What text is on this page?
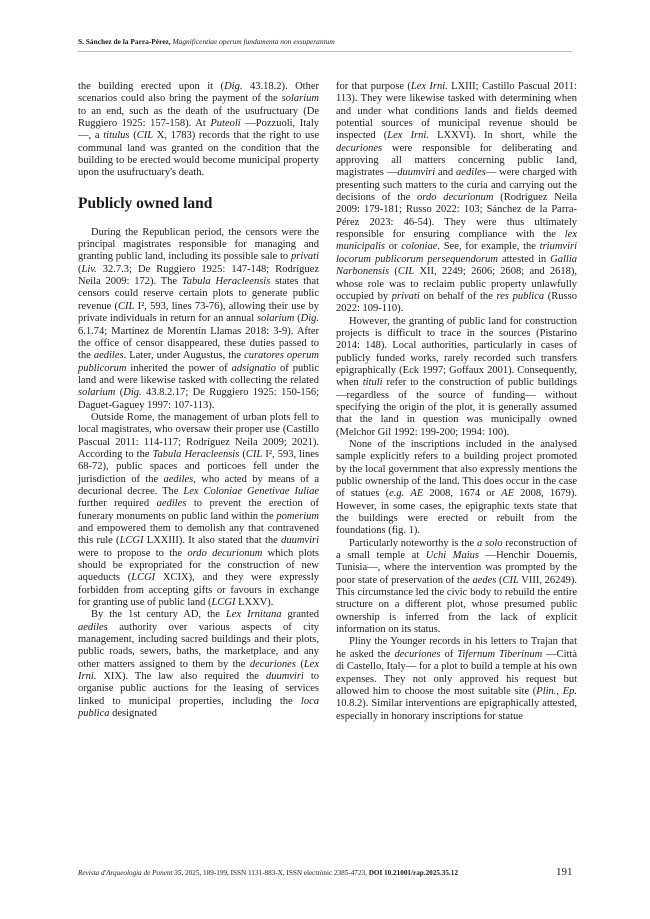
S. Sánchez de la Parra-Pérez, Magnificentiae operum fundamenta non exsuperantum

the building erected upon it (Dig. 43.18.2). Other scenarios could also bring the payment of the solarium to an end, such as the death of the usufructuary (De Ruggiero 1925: 157-158). At Puteoli —Pozzuoli, Italy—, a titulus (CIL X, 1783) records that the right to use communal land was granted on the condition that the building to be erected would become municipal property upon the usufructuary's death.

Publicly owned land

During the Republican period, the censors were the principal magistrates responsible for managing and granting public land, including its possible sale to privati (Liv. 32.7.3; De Ruggiero 1925: 147-148; Rodríguez Neila 2009: 172). The Tabula Heracleensis states that censors could reserve certain plots to generate public revenue (CIL I², 593, lines 73-76), allowing their use by private individuals in return for an annual solarium (Dig. 6.1.74; Martínez de Morentín Llamas 2018: 3-9). After the office of censor disappeared, these duties passed to the aediles. Later, under Augustus, the curatores operum publicorum inherited the power of adsignatio of public land and were likewise tasked with collecting the related solarium (Dig. 43.8.2.17; De Ruggiero 1925: 150-156; Daguet-Gaguey 1997: 107-113).

Outside Rome, the management of urban plots fell to local magistrates, who oversaw their proper use (Castillo Pascual 2011: 114-117; Rodríguez Neila 2009; 2021). According to the Tabula Heracleensis (CIL I², 593, lines 68-72), public spaces and porticoes fell under the jurisdiction of the aediles, who acted by means of a decurional decree. The Lex Coloniae Genetivae Iuliae further required aediles to prevent the erection of funerary monuments on public land within the pomerium and empowered them to demolish any that contravened this rule (LCGI LXXIII). It also stated that the duumviri were to propose to the ordo decurionum which plots should be expropriated for the construction of new aqueducts (LCGI XCIX), and they were expressly forbidden from accepting gifts or favours in exchange for granting use of public land (LCGI LXXV).

By the 1st century AD, the Lex Irnitana granted aediles authority over various aspects of city management, including sacred buildings and their plots, public roads, sewers, baths, the marketplace, and any other matters assigned to them by the decuriones (Lex Irni. XIX). The law also required the duumviri to organise public auctions for the leasing of services linked to municipal properties, including the loca publica designated

for that purpose (Lex Irni. LXIII; Castillo Pascual 2011: 113). They were likewise tasked with determining when and under what conditions lands and fields deemed potential sources of municipal revenue should be inspected (Lex Irni. LXXVI). In short, while the decuriones were responsible for deliberating and approving all matters concerning public land, magistrates —duumviri and aediles— were charged with presenting such matters to the curia and carrying out the decisions of the ordo decurionum (Rodríguez Neila 2009: 179-181; Russo 2022: 103; Sánchez de la Parra-Pérez 2023: 46-54). They were thus ultimately responsible for ensuring compliance with the lex municipalis or coloniae. See, for example, the triumviri locorum publicorum persequendorum attested in Gallia Narbonensis (CIL XII, 2249; 2606; 2608; and 2618), whose role was to reclaim public property unlawfully occupied by privati on behalf of the res publica (Russo 2022: 109-110).

However, the granting of public land for construction projects is difficult to trace in the sources (Pistarino 2014: 148). Local authorities, particularly in cases of publicly funded works, rarely recorded such transfers epigraphically (Eck 1997; Goffaux 2001). Consequently, when tituli refer to the construction of public buildings —regardless of the source of funding— without specifying the origin of the plot, it is generally assumed that the land in question was municipally owned (Melchor Gil 1992: 199-200; 1994: 100).

None of the inscriptions included in the analysed sample explicitly refers to a building project promoted by the local government that also expressly mentions the public ownership of the land. This does occur in the case of statues (e.g. AE 2008, 1674 or AE 2008, 1679). However, in some cases, the epigraphic texts state that the buildings were erected or rebuilt from the foundations (fig. 1).

Particularly noteworthy is the a solo reconstruction of a small temple at Uchi Maius —Henchir Douemis, Tunisia—, where the intervention was prompted by the poor state of preservation of the aedes (CIL VIII, 26249). This circumstance led the civic body to rebuild the entire structure on a different plot, whose presumed public ownership is inferred from the lack of explicit information on its status.

Pliny the Younger records in his letters to Trajan that he asked the decuriones of Tifernum Tiberinum —Città di Castello, Italy— for a plot to build a temple at his own expenses. They not only approved his request but allowed him to choose the most suitable site (Plin., Ep. 10.8.2). Similar interventions are epigraphically attested, especially in honorary inscriptions for statue

Revista d'Arqueologia de Ponent 35, 2025, 189-199, ISSN 1131-883-X, ISSN electrònic 2385-4723, DOI 10.21001/rap.2025.35.12	191
